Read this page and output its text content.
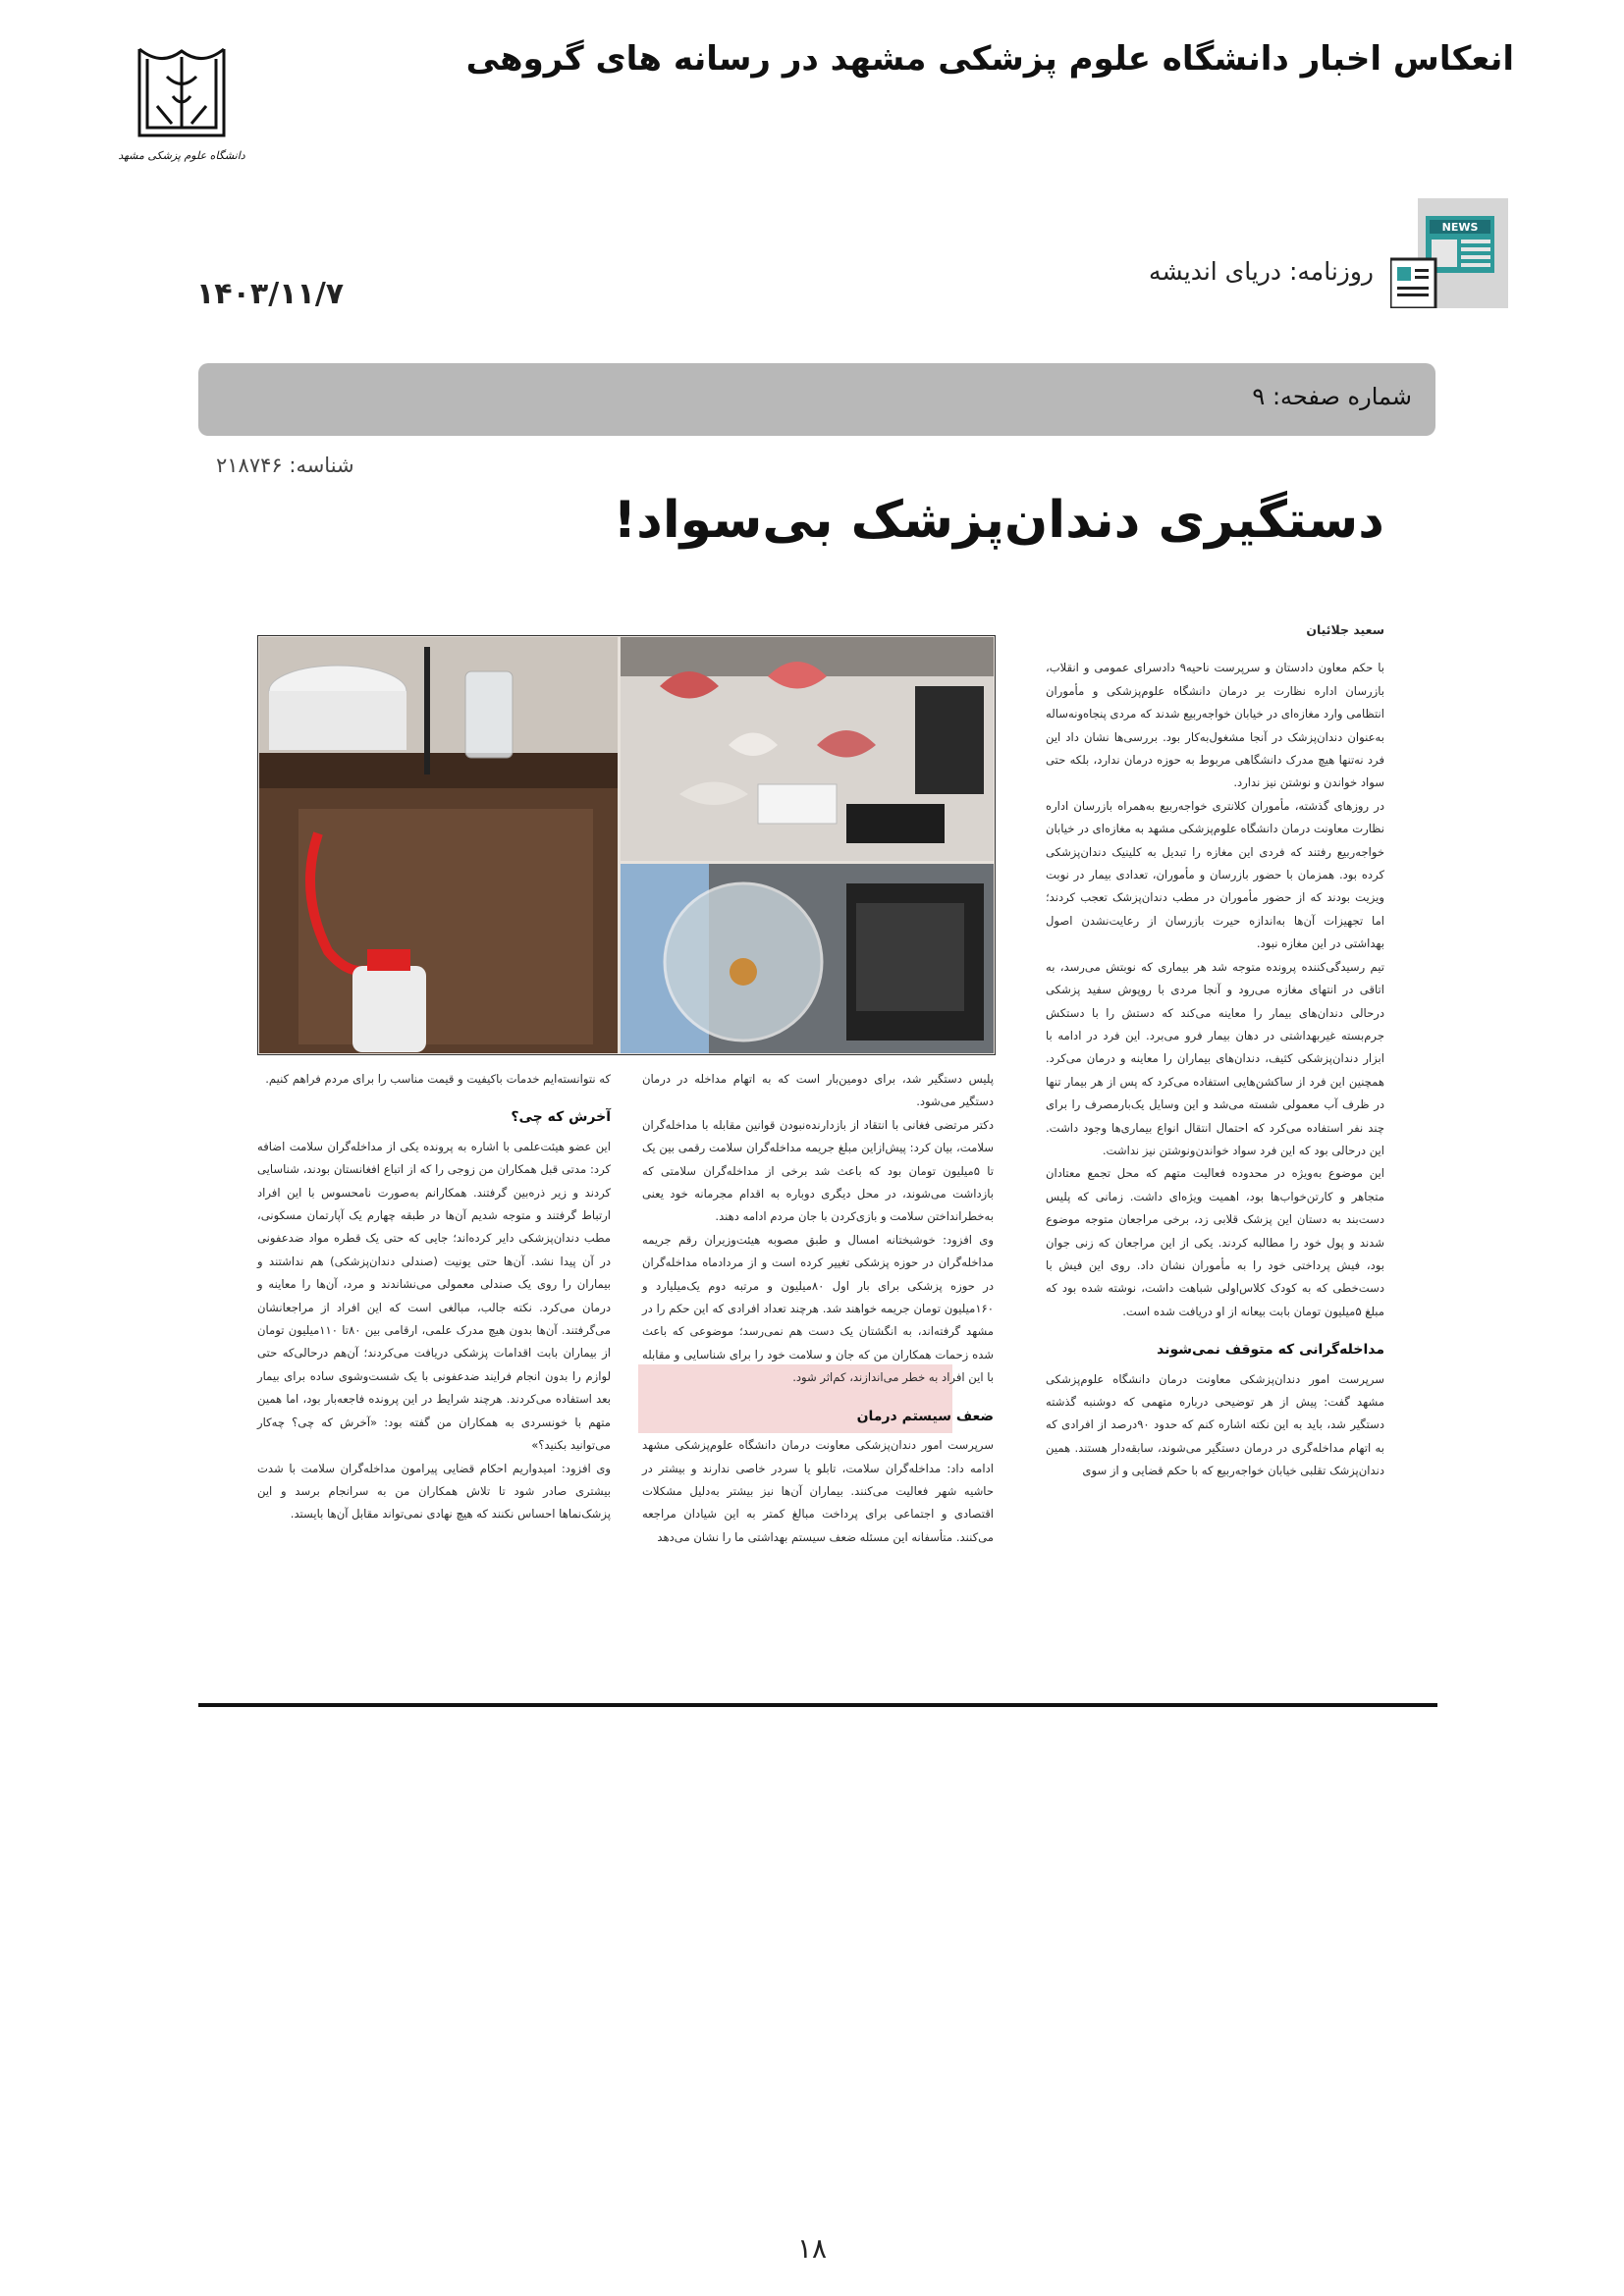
دانشگاه علوم پزشکی مشهد
انعکاس اخبار دانشگاه علوم پزشکی مشهد در رسانه های گروهی
NEWS
روزنامه: دریای اندیشه
۱۴۰۳/۱۱/۷
شماره صفحه: ۹
شناسه: ۲۱۸۷۴۶
دستگیری دندان‌پزشک بی‌سواد!

سعید جلائیان

با حکم معاون دادستان و سرپرست ناحیه۹ دادسرای عمومی و انقلاب، بازرسان اداره نظارت بر درمان دانشگاه علوم‌پزشکی و مأموران انتظامی وارد مغازه‌ای در خیابان خواجه‌ربیع شدند که مردی پنجاه‌ونه‌ساله به‌عنوان دندان‌پزشک در آنجا مشغول‌به‌کار بود. بررسی‌ها نشان داد این فرد نه‌تنها هیچ مدرک دانشگاهی مربوط به حوزه درمان ندارد، بلکه حتی سواد خواندن و نوشتن نیز ندارد.

در روزهای گذشته، مأموران کلانتری خواجه‌ربیع به‌همراه بازرسان اداره نظارت معاونت درمان دانشگاه علوم‌پزشکی مشهد به مغازه‌ای در خیابان خواجه‌ربیع رفتند که فردی این مغازه را تبدیل به کلینیک دندان‌پزشکی کرده بود. همزمان با حضور بازرسان و مأموران، تعدادی بیمار در نوبت ویزیت بودند که از حضور مأموران در مطب دندان‌پزشک تعجب کردند؛ اما تجهیزات آن‌ها به‌اندازه حیرت بازرسان از رعایت‌نشدن اصول بهداشتی در این مغازه نبود.

تیم رسیدگی‌کننده پرونده متوجه شد هر بیماری که نوبتش می‌رسد، به اتاقی در انتهای مغازه می‌رود و آنجا مردی با روپوش سفید پزشکی درحالی دندان‌های بیمار را معاینه می‌کند که دستش را با دستکش جرم‌بسته غیربهداشتی در دهان بیمار فرو می‌برد. این فرد در ادامه با ابزار دندان‌پزشکی کثیف، دندان‌های بیماران را معاینه و درمان می‌کرد. همچنین این فرد از ساکشن‌هایی استفاده می‌کرد که پس از هر بیمار تنها در ظرف آب معمولی شسته می‌شد و این وسایل یک‌بارمصرف را برای چند نفر استفاده می‌کرد که احتمال انتقال انواع بیماری‌ها وجود داشت. این درحالی بود که این فرد سواد خواندن‌ونوشتن نیز نداشت.

این موضوع به‌ویژه در محدوده فعالیت متهم که محل تجمع معتادان متجاهر و کارتن‌خواب‌ها بود، اهمیت ویژه‌ای داشت. زمانی که پلیس دست‌بند به دستان این پزشک قلابی زد، برخی مراجعان متوجه موضوع شدند و پول خود را مطالبه کردند. یکی از این مراجعان که زنی جوان بود، فیش پرداختی خود را به مأموران نشان داد. روی این فیش با دست‌خطی که به کودک کلاس‌اولی شباهت داشت، نوشته شده بود که مبلغ ۵میلیون تومان بابت بیعانه از او دریافت شده است.

مداخله‌گرانی که متوقف نمی‌شوند

سرپرست امور دندان‌پزشکی معاونت درمان دانشگاه علوم‌پزشکی مشهد گفت: پیش از هر توضیحی درباره متهمی که دوشنبه گذشته دستگیر شد، باید به این نکته اشاره کنم که حدود ۹۰درصد از افرادی که به اتهام مداخله‌گری در درمان دستگیر می‌شوند، سابقه‌دار هستند. همین دندان‌پزشک تقلبی خیابان خواجه‌ربیع که با حکم قضایی و از سوی

پلیس دستگیر شد، برای دومین‌بار است که به اتهام مداخله در درمان دستگیر می‌شود.

دکتر مرتضی فغانی با انتقاد از بازدارنده‌نبودن قوانین مقابله با مداخله‌گران سلامت، بیان کرد: پیش‌ازاین مبلغ جریمه مداخله‌گران سلامت رقمی بین یک تا ۵میلیون تومان بود که باعث شد برخی از مداخله‌گران سلامتی که بازداشت می‌شوند، در محل دیگری دوباره به اقدام مجرمانه خود یعنی به‌خطرانداختن سلامت و بازی‌کردن با جان مردم ادامه دهند.

وی افزود: خوشبختانه امسال و طبق مصوبه هیئت‌وزیران رقم جریمه مداخله‌گران در حوزه پزشکی تغییر کرده است و از مرداد‌ماه مداخله‌گران در حوزه پزشکی برای بار اول ۸۰میلیون و مرتبه دوم یک‌میلیارد و ۱۶۰میلیون تومان جریمه خواهند شد. هرچند تعداد افرادی که این حکم را در مشهد گرفته‌اند، به انگشتان یک دست هم نمی‌رسد؛ موضوعی که باعث شده زحمات همکاران من که جان و سلامت خود را برای شناسایی و مقابله با این افراد به خطر می‌اندازند، کم‌اثر شود.

ضعف سیستم درمان

سرپرست امور دندان‌پزشکی معاونت درمان دانشگاه علوم‌پزشکی مشهد ادامه داد: مداخله‌گران سلامت، تابلو یا سردر خاصی ندارند و بیشتر در حاشیه شهر فعالیت می‌کنند. بیماران آن‌ها نیز بیشتر به‌دلیل مشکلات اقتصادی و اجتماعی برای پرداخت مبالغ کمتر به این شیادان مراجعه می‌کنند. متأسفانه این مسئله ضعف سیستم بهداشتی ما را نشان می‌دهد

که نتوانسته‌ایم خدمات باکیفیت و قیمت مناسب را برای مردم فراهم کنیم.

آخرش که چی؟

این عضو هیئت‌علمی با اشاره به پرونده یکی از مداخله‌گران سلامت اضافه کرد: مدتی قبل همکاران من زوجی را که از اتباع افغانستان بودند، شناسایی کردند و زیر ذره‌بین گرفتند. همکارانم به‌صورت نامحسوس با این افراد ارتباط گرفتند و متوجه شدیم آن‌ها در طبقه چهارم یک آپارتمان مسکونی، مطب دندان‌پزشکی دایر کرده‌اند؛ جایی که حتی یک قطره مواد ضدعفونی در آن پیدا نشد. آن‌ها حتی یونیت (صندلی دندان‌پزشکی) هم نداشتند و بیماران را روی یک صندلی معمولی می‌نشاندند و مرد، آن‌ها را معاینه و درمان می‌کرد. نکته جالب، مبالغی است که این افراد از مراجعانشان می‌گرفتند. آن‌ها بدون هیچ مدرک علمی، ارقامی بین ۸۰تا ۱۱۰میلیون تومان از بیماران بابت اقدامات پزشکی دریافت می‌کردند؛ آن‌هم درحالی‌که حتی لوازم را بدون انجام فرایند ضدعفونی با یک شست‌وشوی ساده برای بیمار بعد استفاده می‌کردند. هرچند شرایط در این پرونده فاجعه‌بار بود، اما همین متهم با خونسردی به همکاران من گفته بود: «آخرش که چی؟ چه‌کار می‌توانید بکنید؟»

وی افزود: امیدواریم احکام قضایی پیرامون مداخله‌گران سلامت با شدت بیشتری صادر شود تا تلاش همکاران من به سرانجام برسد و این پزشک‌نماها احساس نکنند که هیچ نهادی نمی‌تواند مقابل آن‌ها بایستد.

۱۸
